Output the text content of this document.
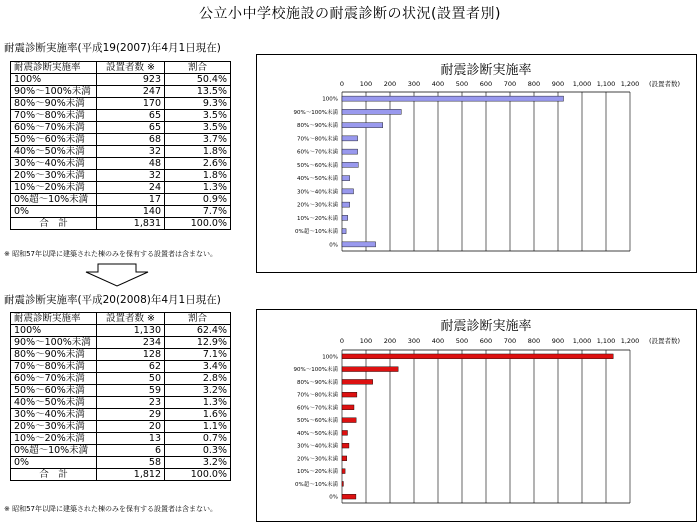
公立小中学校施設の耐震診断の状況(設置者別)
耐震診断実施率(平成19(2007)年4月1日現在)
耐震診断実施率	設置者数 ※	割合
100%	923	50.4%
90%～100%未満	247	13.5%
80%～90%未満	170	9.3%
70%～80%未満	65	3.5%
60%～70%未満	65	3.5%
50%～60%未満	68	3.7%
40%～50%未満	32	1.8%
30%～40%未満	48	2.6%
20%～30%未満	32	1.8%
10%～20%未満	24	1.3%
0%超～10%未満	17	0.9%
0%	140	7.7%
合　計	1,831	100.0%
※ 昭和57年以降に建築された棟のみを保有する設置者は含まない。
耐震診断実施率(平成20(2008)年4月1日現在)
耐震診断実施率	設置者数 ※	割合
100%	1,130	62.4%
90%～100%未満	234	12.9%
80%～90%未満	128	7.1%
70%～80%未満	62	3.4%
60%～70%未満	50	2.8%
50%～60%未満	59	3.2%
40%～50%未満	23	1.3%
30%～40%未満	29	1.6%
20%～30%未満	20	1.1%
10%～20%未満	13	0.7%
0%超～10%未満	6	0.3%
0%	58	3.2%
合　計	1,812	100.0%
※ 昭和57年以降に建築された棟のみを保有する設置者は含まない。
耐震診断実施率
(設置者数)
0 100 200 300 400 500 600 700 800 900 1,000 1,100 1,200
100%
90%～100%未満
80%～90%未満
70%～80%未満
60%～70%未満
50%～60%未満
40%～50%未満
30%～40%未満
20%～30%未満
10%～20%未満
0%超～10%未満
0%
耐震診断実施率
(設置者数)
0 100 200 300 400 500 600 700 800 900 1,000 1,100 1,200
100%
90%～100%未満
80%～90%未満
70%～80%未満
60%～70%未満
50%～60%未満
40%～50%未満
30%～40%未満
20%～30%未満
10%～20%未満
0%超～10%未満
0%
